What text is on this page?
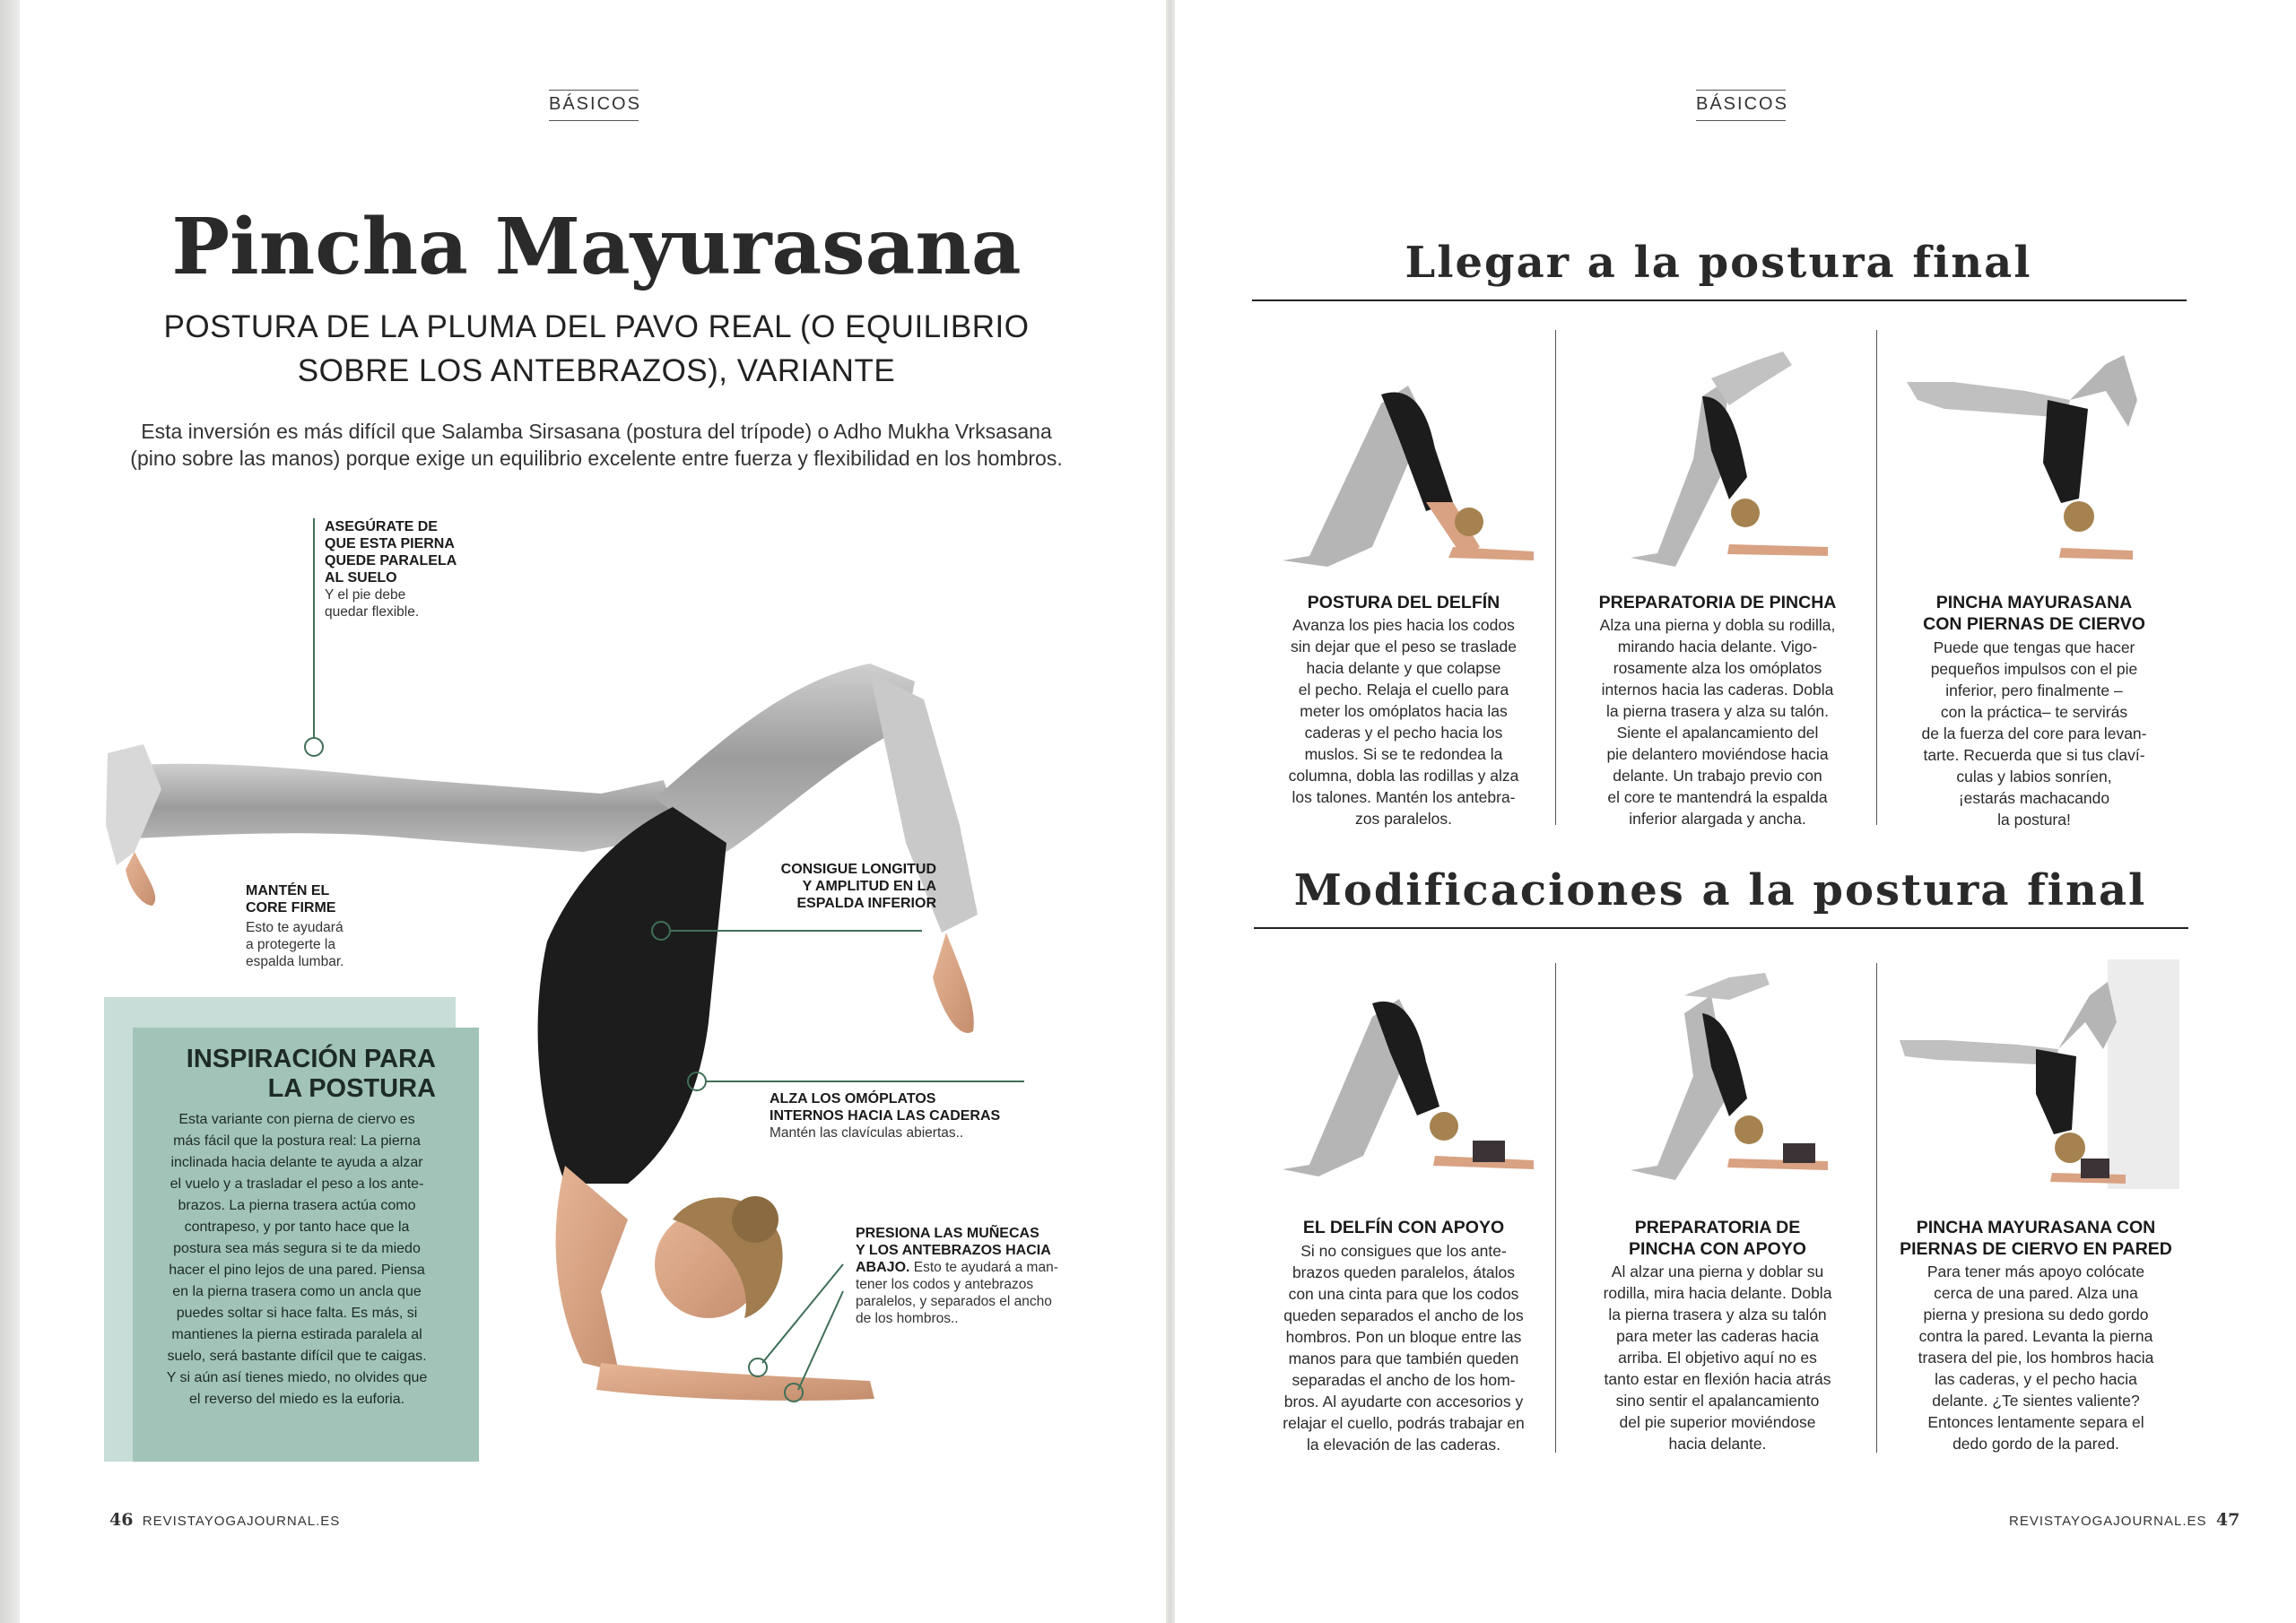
BÁSICOS
Pincha Mayurasana
POSTURA DE LA PLUMA DEL PAVO REAL (O EQUILIBRIO
SOBRE LOS ANTEBRAZOS), VARIANTE
Esta inversión es más difícil que Salamba Sirsasana (postura del trípode) o Adho Mukha Vrksasana
(pino sobre las manos) porque exige un equilibrio excelente entre fuerza y flexibilidad en los hombros.
ASEGÚRATE DE
QUE ESTA PIERNA
QUEDE PARALELA
AL SUELO
Y el pie debe
quedar flexible.
MANTÉN EL
CORE FIRME
Esto te ayudará
a protegerte la
espalda lumbar.
CONSIGUE LONGITUD
Y AMPLITUD EN LA
ESPALDA INFERIOR
ALZA LOS OMÓPLATOS
INTERNOS HACIA LAS CADERAS
Mantén las clavículas abiertas..
PRESIONA LAS MUÑECAS
Y LOS ANTEBRAZOS HACIA
ABAJO. Esto te ayudará a man-
tener los codos y antebrazos
paralelos, y separados el ancho
de los hombros..
INSPIRACIÓN PARA
LA POSTURA
Esta variante con pierna de ciervo es
más fácil que la postura real: La pierna
inclinada hacia delante te ayuda a alzar
el vuelo y a trasladar el peso a los ante-
brazos. La pierna trasera actúa como
contrapeso, y por tanto hace que la
postura sea más segura si te da miedo
hacer el pino lejos de una pared. Piensa
en la pierna trasera como un ancla que
puedes soltar si hace falta. Es más, si
mantienes la pierna estirada paralela al
suelo, será bastante difícil que te caigas.
Y si aún así tienes miedo, no olvides que
el reverso del miedo es la euforia.
46 REVISTAYOGAJOURNAL.ES
BÁSICOS
Llegar a la postura final
POSTURA DEL DELFÍN
Avanza los pies hacia los codos
sin dejar que el peso se traslade
hacia delante y que colapse
el pecho. Relaja el cuello para
meter los omóplatos hacia las
caderas y el pecho hacia los
muslos. Si se te redondea la
columna, dobla las rodillas y alza
los talones. Mantén los antebra-
zos paralelos.
PREPARATORIA DE PINCHA
Alza una pierna y dobla su rodilla,
mirando hacia delante. Vigo-
rosamente alza los omóplatos
internos hacia las caderas. Dobla
la pierna trasera y alza su talón.
Siente el apalancamiento del
pie delantero moviéndose hacia
delante. Un trabajo previo con
el core te mantendrá la espalda
inferior alargada y ancha.
PINCHA MAYURASANA
CON PIERNAS DE CIERVO
Puede que tengas que hacer
pequeños impulsos con el pie
inferior, pero finalmente –
con la práctica– te servirás
de la fuerza del core para levan-
tarte. Recuerda que si tus claví-
culas y labios sonríen,
¡estarás machacando
la postura!
Modificaciones a la postura final
EL DELFÍN CON APOYO
Si no consigues que los ante-
brazos queden paralelos, átalos
con una cinta para que los codos
queden separados el ancho de los
hombros. Pon un bloque entre las
manos para que también queden
separadas el ancho de los hom-
bros. Al ayudarte con accesorios y
relajar el cuello, podrás trabajar en
la elevación de las caderas.
PREPARATORIA DE
PINCHA CON APOYO
Al alzar una pierna y doblar su
rodilla, mira hacia delante. Dobla
la pierna trasera y alza su talón
para meter las caderas hacia
arriba. El objetivo aquí no es
tanto estar en flexión hacia atrás
sino sentir el apalancamiento
del pie superior moviéndose
hacia delante.
PINCHA MAYURASANA CON
PIERNAS DE CIERVO EN PARED
Para tener más apoyo colócate
cerca de una pared. Alza una
pierna y presiona su dedo gordo
contra la pared. Levanta la pierna
trasera del pie, los hombros hacia
las caderas, y el pecho hacia
delante. ¿Te sientes valiente?
Entonces lentamente separa el
dedo gordo de la pared.
REVISTAYOGAJOURNAL.ES 47
